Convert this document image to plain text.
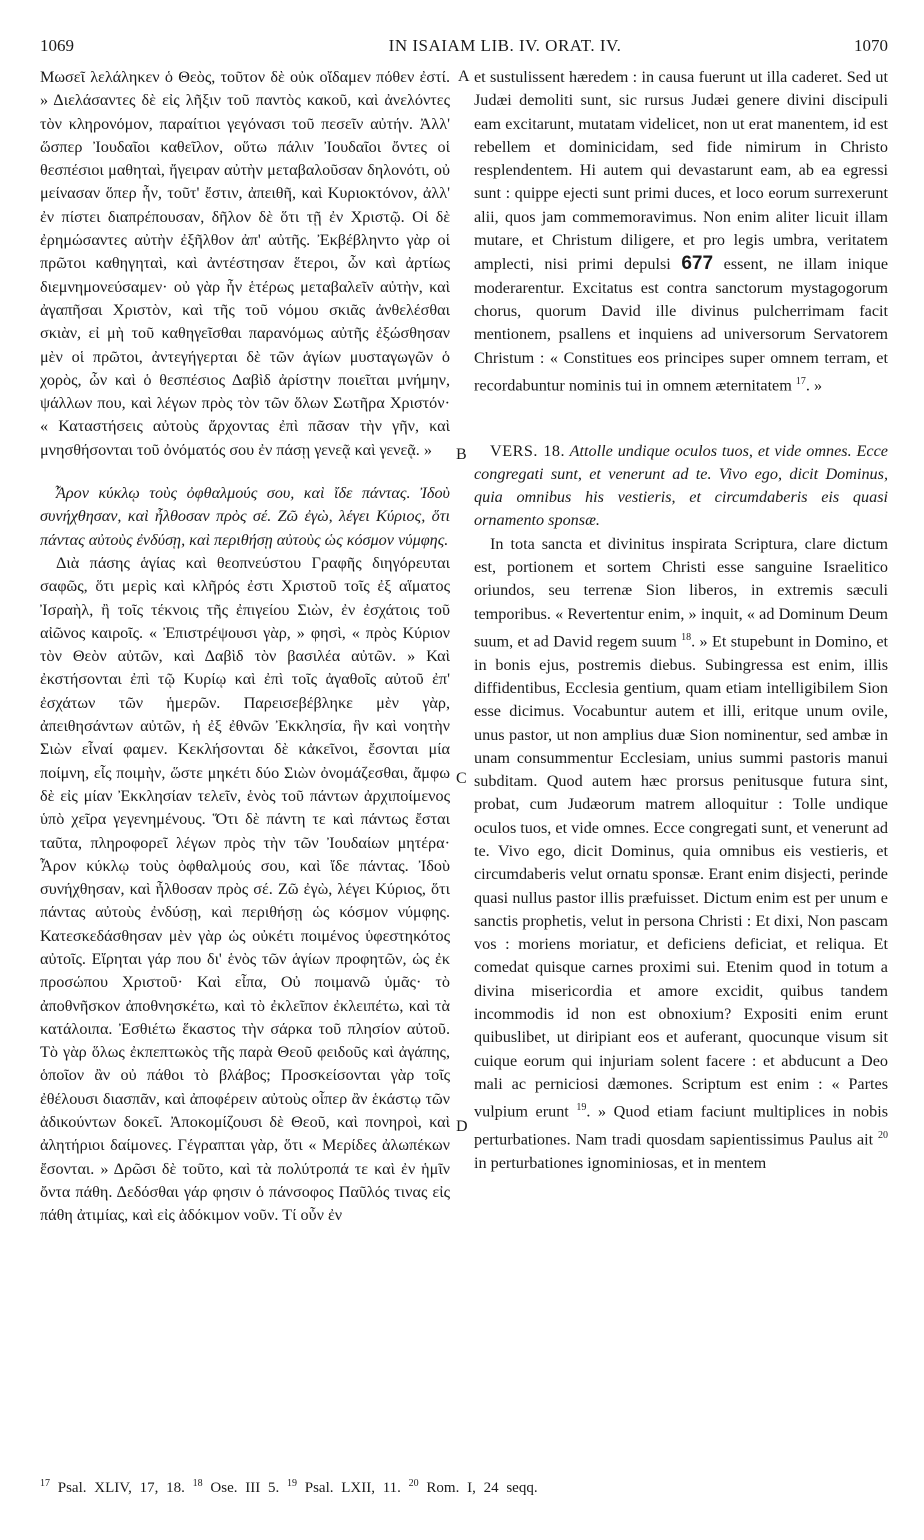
1069	IN ISAIAM LIB. IV. ORAT. IV.	1070

Μωσεῖ λελάληκεν ὁ Θεὸς, τοῦτον δὲ οὐκ οἴδαμεν πόθεν ἐστί. » Διελάσαντες δὲ εἰς λῆξιν τοῦ παντὸς κακοῦ, καὶ ἀνελόντες τὸν κληρονόμον, παραίτιοι γεγόνασι τοῦ πεσεῖν αὐτήν. Ἀλλ' ὥσπερ Ἰουδαῖοι καθεῖλον, οὕτω πάλιν Ἰουδαῖοι ὄντες οἱ θεσπέσιοι μαθηταὶ, ἤγειραν αὐτὴν μεταβαλοῦσαν δηλονότι, οὐ μείνασαν ὅπερ ἦν, τοῦτ' ἔστιν, ἀπειθῆ, καὶ Κυριοκτόνον, ἀλλ' ἐν πίστει διαπρέπουσαν, δῆλον δὲ ὅτι τῇ ἐν Χριστῷ. Οἱ δὲ ἐρημώσαντες αὐτὴν ἐξῆλθον ἀπ' αὐτῆς. Ἐκβέβληντο γὰρ οἱ πρῶτοι καθηγηταὶ, καὶ ἀντέστησαν ἕτεροι, ὧν καὶ ἀρτίως διεμνημονεύσαμεν· οὐ γὰρ ἦν ἑτέρως μεταβαλεῖν αὐτὴν, καὶ ἀγαπῆσαι Χριστὸν, καὶ τῆς τοῦ νόμου σκιᾶς ἀνθελέσθαι σκιὰν, εἰ μὴ τοῦ καθηγεῖσθαι παρανόμως αὐτῆς ἐξώσθησαν μὲν οἱ πρῶτοι, ἀντεγήγερται δὲ τῶν ἁγίων μυσταγωγῶν ὁ χορὸς, ὧν καὶ ὁ θεσπέσιος Δαβὶδ ἀρίστην ποιεῖται μνήμην, ψάλλων που, καὶ λέγων πρὸς τὸν τῶν ὅλων Σωτῆρα Χριστόν· « Καταστήσεις αὐτοὺς ἄρχοντας ἐπὶ πᾶσαν τὴν γῆν, καὶ μνησθήσονται τοῦ ὀνόματός σου ἐν πάσῃ γενεᾷ καὶ γενεᾷ. »

Ἆρον κύκλῳ τοὺς ὀφθαλμούς σου, καὶ ἴδε πάντας. Ἰδοὺ συνήχθησαν, καὶ ἦλθοσαν πρὸς σέ. Ζῶ ἐγὼ, λέγει Κύριος, ὅτι πάντας αὐτοὺς ἐνδύσῃ, καὶ περιθήσῃ αὐτοὺς ὡς κόσμον νύμφης.

Διὰ πάσης ἁγίας καὶ θεοπνεύστου Γραφῆς διηγόρευται σαφῶς, ὅτι μερὶς καὶ κλῆρός ἐστι Χριστοῦ τοῖς ἐξ αἵματος Ἰσραὴλ, ἢ τοῖς τέκνοις τῆς ἐπιγείου Σιὼν, ἐν ἐσχάτοις τοῦ αἰῶνος καιροῖς. « Ἐπιστρέψουσι γὰρ, » φησὶ, « πρὸς Κύριον τὸν Θεὸν αὐτῶν, καὶ Δαβὶδ τὸν βασιλέα αὐτῶν. » Καὶ ἐκστήσονται ἐπὶ τῷ Κυρίῳ καὶ ἐπὶ τοῖς ἀγαθοῖς αὐτοῦ ἐπ' ἐσχάτων τῶν ἡμερῶν. Παρεισεβέβληκε μὲν γὰρ, ἀπειθησάντων αὐτῶν, ἡ ἐξ ἐθνῶν Ἐκκλησία, ἣν καὶ νοητὴν Σιὼν εἶναί φαμεν. Κεκλήσονται δὲ κἀκεῖνοι, ἔσονται μία ποίμνη, εἷς ποιμὴν, ὥστε μηκέτι δύο Σιὼν ὀνομάζεσθαι, ἄμφω δὲ εἰς μίαν Ἐκκλησίαν τελεῖν, ἑνὸς τοῦ πάντων ἀρχιποίμενος ὑπὸ χεῖρα γεγενημένους. Ὅτι δὲ πάντη τε καὶ πάντως ἔσται ταῦτα, πληροφορεῖ λέγων πρὸς τὴν τῶν Ἰουδαίων μητέρα· Ἆρον κύκλῳ τοὺς ὀφθαλμούς σου, καὶ ἴδε πάντας. Ἰδοὺ συνήχθησαν, καὶ ἦλθοσαν πρὸς σέ. Ζῶ ἐγὼ, λέγει Κύριος, ὅτι πάντας αὐτοὺς ἐνδύσῃ, καὶ περιθήσῃ ὡς κόσμον νύμφης. Κατεσκεδάσθησαν μὲν γὰρ ὡς οὐκέτι ποιμένος ὑφεστηκότος αὐτοῖς. Εἴρηται γάρ που δι' ἑνὸς τῶν ἁγίων προφητῶν, ὡς ἐκ προσώπου Χριστοῦ· Καὶ εἶπα, Οὐ ποιμανῶ ὑμᾶς· τὸ ἀποθνῆσκον ἀποθνησκέτω, καὶ τὸ ἐκλεῖπον ἐκλειπέτω, καὶ τὰ κατάλοιπα. Ἐσθιέτω ἕκαστος τὴν σάρκα τοῦ πλησίον αὐτοῦ. Τὸ γὰρ ὅλως ἐκπεπτωκὸς τῆς παρὰ Θεοῦ φειδοῦς καὶ ἀγάπης, ὁποῖον ἂν οὐ πάθοι τὸ βλάβος; Προσκείσονται γὰρ τοῖς ἐθέλουσι διασπᾶν, καὶ ἀποφέρειν αὐτοὺς οἷπερ ἂν ἑκάστῳ τῶν ἀδικούντων δοκεῖ. Ἀποκομίζουσι δὲ Θεοῦ, καὶ πονηροὶ, καὶ ἀλητήριοι δαίμονες. Γέγραπται γὰρ, ὅτι « Μερίδες ἀλωπέκων ἔσονται. » Δρῶσι δὲ τοῦτο, καὶ τὰ πολύτροπά τε καὶ ἐν ἡμῖν ὄντα πάθη. Δεδόσθαι γάρ φησιν ὁ πάνσοφος Παῦλός τινας εἰς πάθη ἀτιμίας, καὶ εἰς ἀδόκιμον νοῦν. Τί οὖν ἐν

A
B
C
D

et sustulissent hæredem : in causa fuerunt ut illa caderet. Sed ut Judæi demoliti sunt, sic rursus Judæi genere divini discipuli eam excitarunt, mutatam videlicet, non ut erat manentem, id est rebellem et dominicidam, sed fide nimirum in Christo resplendentem. Hi autem qui devastarunt eam, ab ea egressi sunt : quippe ejecti sunt primi duces, et loco eorum surrexerunt alii, quos jam commemoravimus. Non enim aliter licuit illam mutare, et Christum diligere, et pro legis umbra, veritatem amplecti, nisi primi depulsi 677 essent, ne illam inique moderarentur. Excitatus est contra sanctorum mystagogorum chorus, quorum David ille divinus pulcherrimam facit mentionem, psallens et inquiens ad universorum Servatorem Christum : « Constitues eos principes super omnem terram, et recordabuntur nominis tui in omnem æternitatem $^{17}$. »

VERS. 18. Attolle undique oculos tuos, et vide omnes. Ecce congregati sunt, et venerunt ad te. Vivo ego, dicit Dominus, quia omnibus his vestieris, et circumdaberis eis quasi ornamento sponsæ.

In tota sancta et divinitus inspirata Scriptura, clare dictum est, portionem et sortem Christi esse sanguine Israelitico oriundos, seu terrenæ Sion liberos, in extremis sæculi temporibus. « Revertentur enim, » inquit, « ad Dominum Deum suum, et ad David regem suum $^{18}$. » Et stupebunt in Domino, et in bonis ejus, postremis diebus. Subingressa est enim, illis diffidentibus, Ecclesia gentium, quam etiam intelligibilem Sion esse dicimus. Vocabuntur autem et illi, eritque unum ovile, unus pastor, ut non amplius duæ Sion nominentur, sed ambæ in unam consummentur Ecclesiam, unius summi pastoris manui subditam. Quod autem hæc prorsus penitusque futura sint, probat, cum Judæorum matrem alloquitur : Tolle undique oculos tuos, et vide omnes. Ecce congregati sunt, et venerunt ad te. Vivo ego, dicit Dominus, quia omnibus eis vestieris, et circumdaberis velut ornatu sponsæ. Erant enim disjecti, perinde quasi nullus pastor illis præfuisset. Dictum enim est per unum e sanctis prophetis, velut in persona Christi : Et dixi, Non pascam vos : moriens moriatur, et deficiens deficiat, et reliqua. Et comedat quisque carnes proximi sui. Etenim quod in totum a divina misericordia et amore excidit, quibus tandem incommodis id non est obnoxium? Expositi enim erunt quibuslibet, ut diripiant eos et auferant, quocunque visum sit cuique eorum qui injuriam solent facere : et abducunt a Deo mali ac perniciosi dæmones. Scriptum est enim : « Partes vulpium erunt $^{19}$. » Quod etiam faciunt multiplices in nobis perturbationes. Nam tradi quosdam sapientissimus Paulus ait $^{20}$ in perturbationes ignominiosas, et in mentem

$^{17}$ Psal. XLIV, 17, 18. $^{18}$ Ose. III 5. $^{19}$ Psal. LXII, 11. $^{20}$ Rom. I, 24 seqq.
